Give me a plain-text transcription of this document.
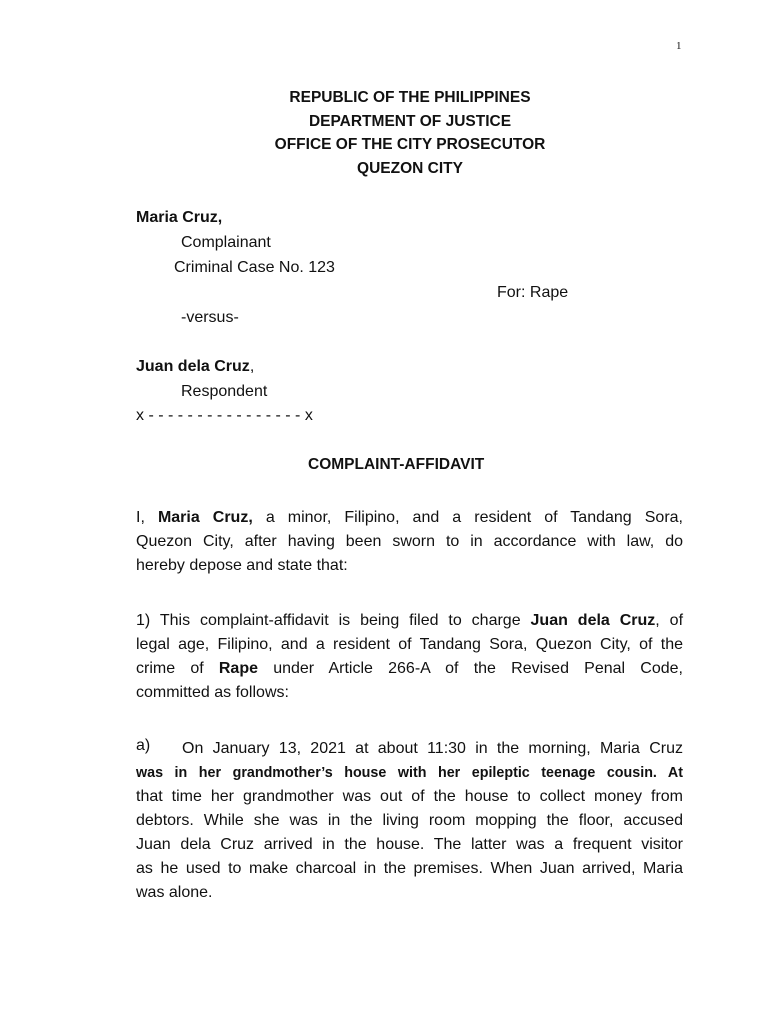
1
REPUBLIC OF THE PHILIPPINES
DEPARTMENT OF JUSTICE
OFFICE OF THE CITY PROSECUTOR
QUEZON CITY
Maria Cruz,
Complainant
Criminal Case No. 123
For: Rape
-versus-
Juan dela Cruz,
Respondent
x - - - - - - - - - - - - - - - - x
COMPLAINT-AFFIDAVIT
I, Maria Cruz, a minor, Filipino, and a resident of Tandang Sora,
Quezon City, after having been sworn to in accordance with law, do
hereby depose and state that:
1) This complaint-affidavit is being filed to charge Juan dela Cruz, of
legal age, Filipino, and a resident of Tandang Sora, Quezon City, of the
crime of Rape under Article 266-A of the Revised Penal Code,
committed as follows:
a)	On January 13, 2021 at about 11:30 in the morning, Maria Cruz
was in her grandmother’s house with her epileptic teenage cousin. At
that time her grandmother was out of the house to collect money from
debtors. While she was in the living room mopping the floor, accused
Juan dela Cruz arrived in the house. The latter was a frequent visitor
as he used to make charcoal in the premises. When Juan arrived, Maria
was alone.
